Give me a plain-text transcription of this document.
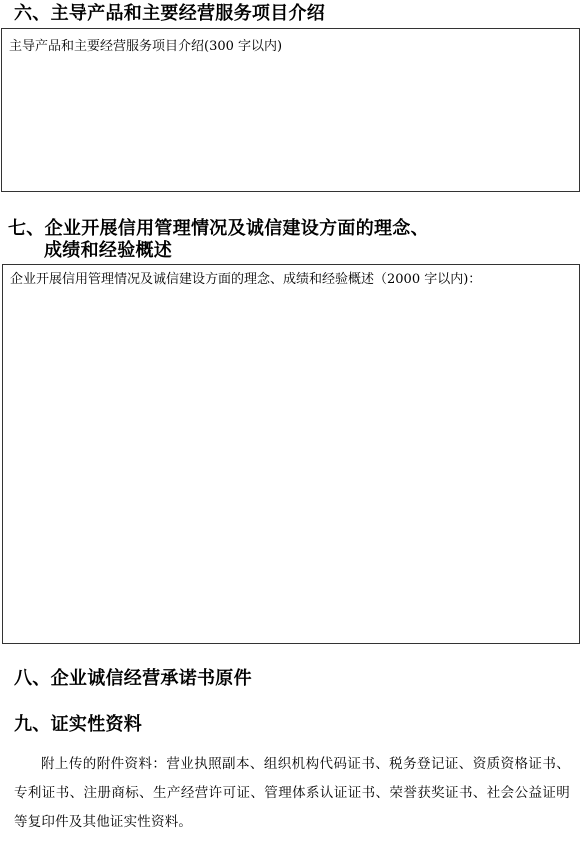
六、主导产品和主要经营服务项目介绍
主导产品和主要经营服务项目介绍(300 字以内)
七、企业开展信用管理情况及诚信建设方面的理念、
成绩和经验概述
企业开展信用管理情况及诚信建设方面的理念、成绩和经验概述（2000 字以内)：
八、企业诚信经营承诺书原件
九、证实性资料
附上传的附件资料：营业执照副本、组织机构代码证书、税务登记证、资质资格证书、专利证书、注册商标、生产经营许可证、管理体系认证证书、荣誉获奖证书、社会公益证明等复印件及其他证实性资料。
